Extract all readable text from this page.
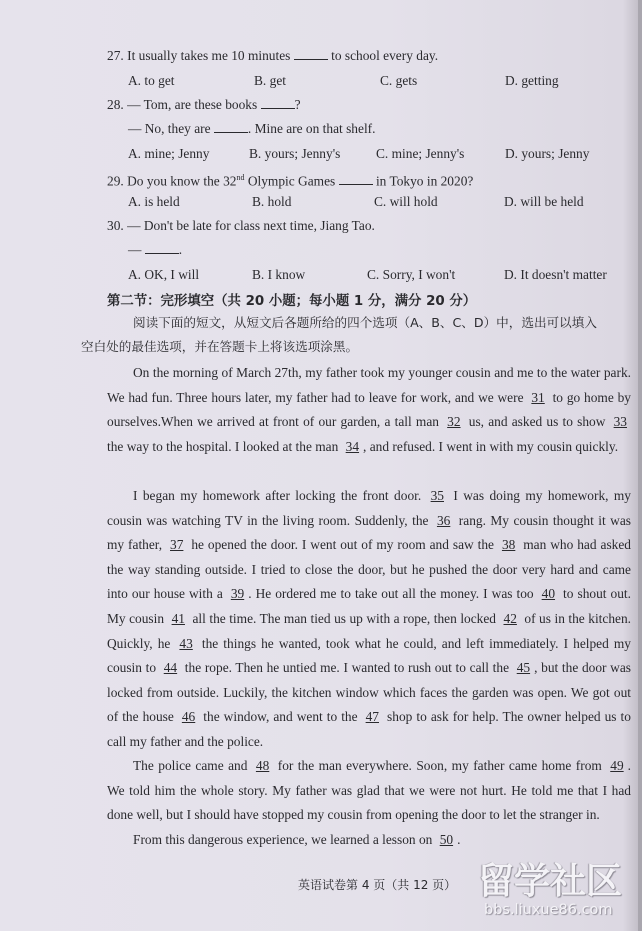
27. It usually takes me 10 minutes	to school every day.
A. to get	B. get	C. gets	D. getting
28. — Tom, are these books	?
— No, they are	. Mine are on that shelf.
A. mine; Jenny	B. yours; Jenny's	C. mine; Jenny's	D. yours; Jenny
29. Do you know the 32nd Olympic Games	in Tokyo in 2020?
A. is held	B. hold	C. will hold	D. will be held
30. — Don't be late for class next time, Jiang Tao.
—	.
A. OK, I will	B. I know	C. Sorry, I won't	D. It doesn't matter
第二节：完形填空（共 20 小题；每小题 1 分，满分 20 分）
阅读下面的短文，从短文后各题所给的四个选项（A、B、C、D）中，选出可以填入
空白处的最佳选项，并在答题卡上将该选项涂黑。
On the morning of March 27th, my father took my younger cousin and me to the water park. We had fun. Three hours later, my father had to leave for work, and we were 31 to go home by ourselves.When we arrived at front of our garden, a tall man 32 us, and asked us to show 33 the way to the hospital. I looked at the man 34 , and refused. I went in with my cousin quickly.
I began my homework after locking the front door. 35 I was doing my homework, my cousin was watching TV in the living room. Suddenly, the 36 rang. My cousin thought it was my father, 37 he opened the door. I went out of my room and saw the 38 man who had asked the way standing outside. I tried to close the door, but he pushed the door very hard and came into our house with a 39 . He ordered me to take out all the money. I was too 40 to shout out. My cousin 41 all the time. The man tied us up with a rope, then locked 42 of us in the kitchen. Quickly, he 43 the things he wanted, took what he could, and left immediately. I helped my cousin to 44 the rope. Then he untied me. I wanted to rush out to call the 45 , but the door was locked from outside. Luckily, the kitchen window which faces the garden was open. We got out of the house 46 the window, and went to the 47 shop to ask for help. The owner helped us to call my father and the police.
The police came and 48 for the man everywhere. Soon, my father came home from 49 . We told him the whole story. My father was glad that we were not hurt. He told me that I had done well, but I should have stopped my cousin from opening the door to let the stranger in.
From this dangerous experience, we learned a lesson on 50 .
英语试卷第 4 页（共 12 页） 留学社区
bbs.liuxue86.com
